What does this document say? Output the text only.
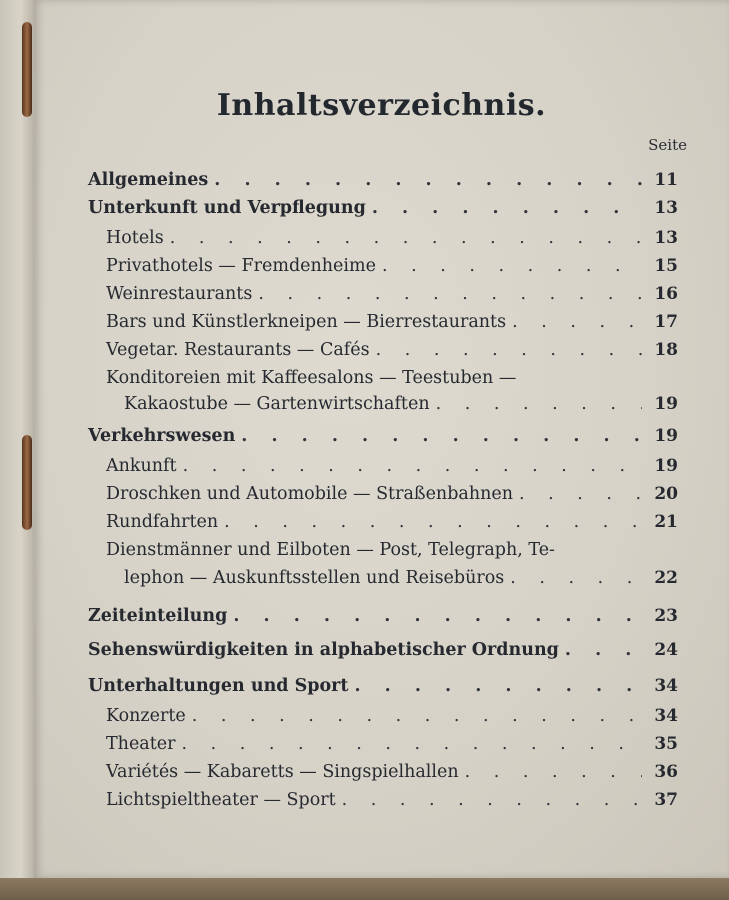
Inhaltsverzeichnis.
Seite
Allgemeines . . .	11
Unterkunft und Verpflegung . . .	13
Hotels . . .	13
Privathotels — Fremdenheime . . .	15
Weinrestaurants . . .	16
Bars und Künstlerkneipen — Bierrestaurants . . .	17
Vegetar. Restaurants — Cafés . . .	18
Konditoreien mit Kaffeesalons — Teestuben —
Kakaostube — Gartenwirtschaften . . .	19
Verkehrswesen . . .	19
Ankunft . . .	19
Droschken und Automobile — Straßenbahnen . . .	20
Rundfahrten . . .	21
Dienstmänner und Eilboten — Post, Telegraph, Te-
lephon — Auskunftsstellen und Reisebüros . . .	22
Zeiteinteilung . . .	23
Sehenswürdigkeiten in alphabetischer Ordnung . . .	24
Unterhaltungen und Sport . . .	34
Konzerte . . .	34
Theater . . .	35
Variétés — Kabaretts — Singspielhallen . . .	36
Lichtspieltheater — Sport . . .	37
